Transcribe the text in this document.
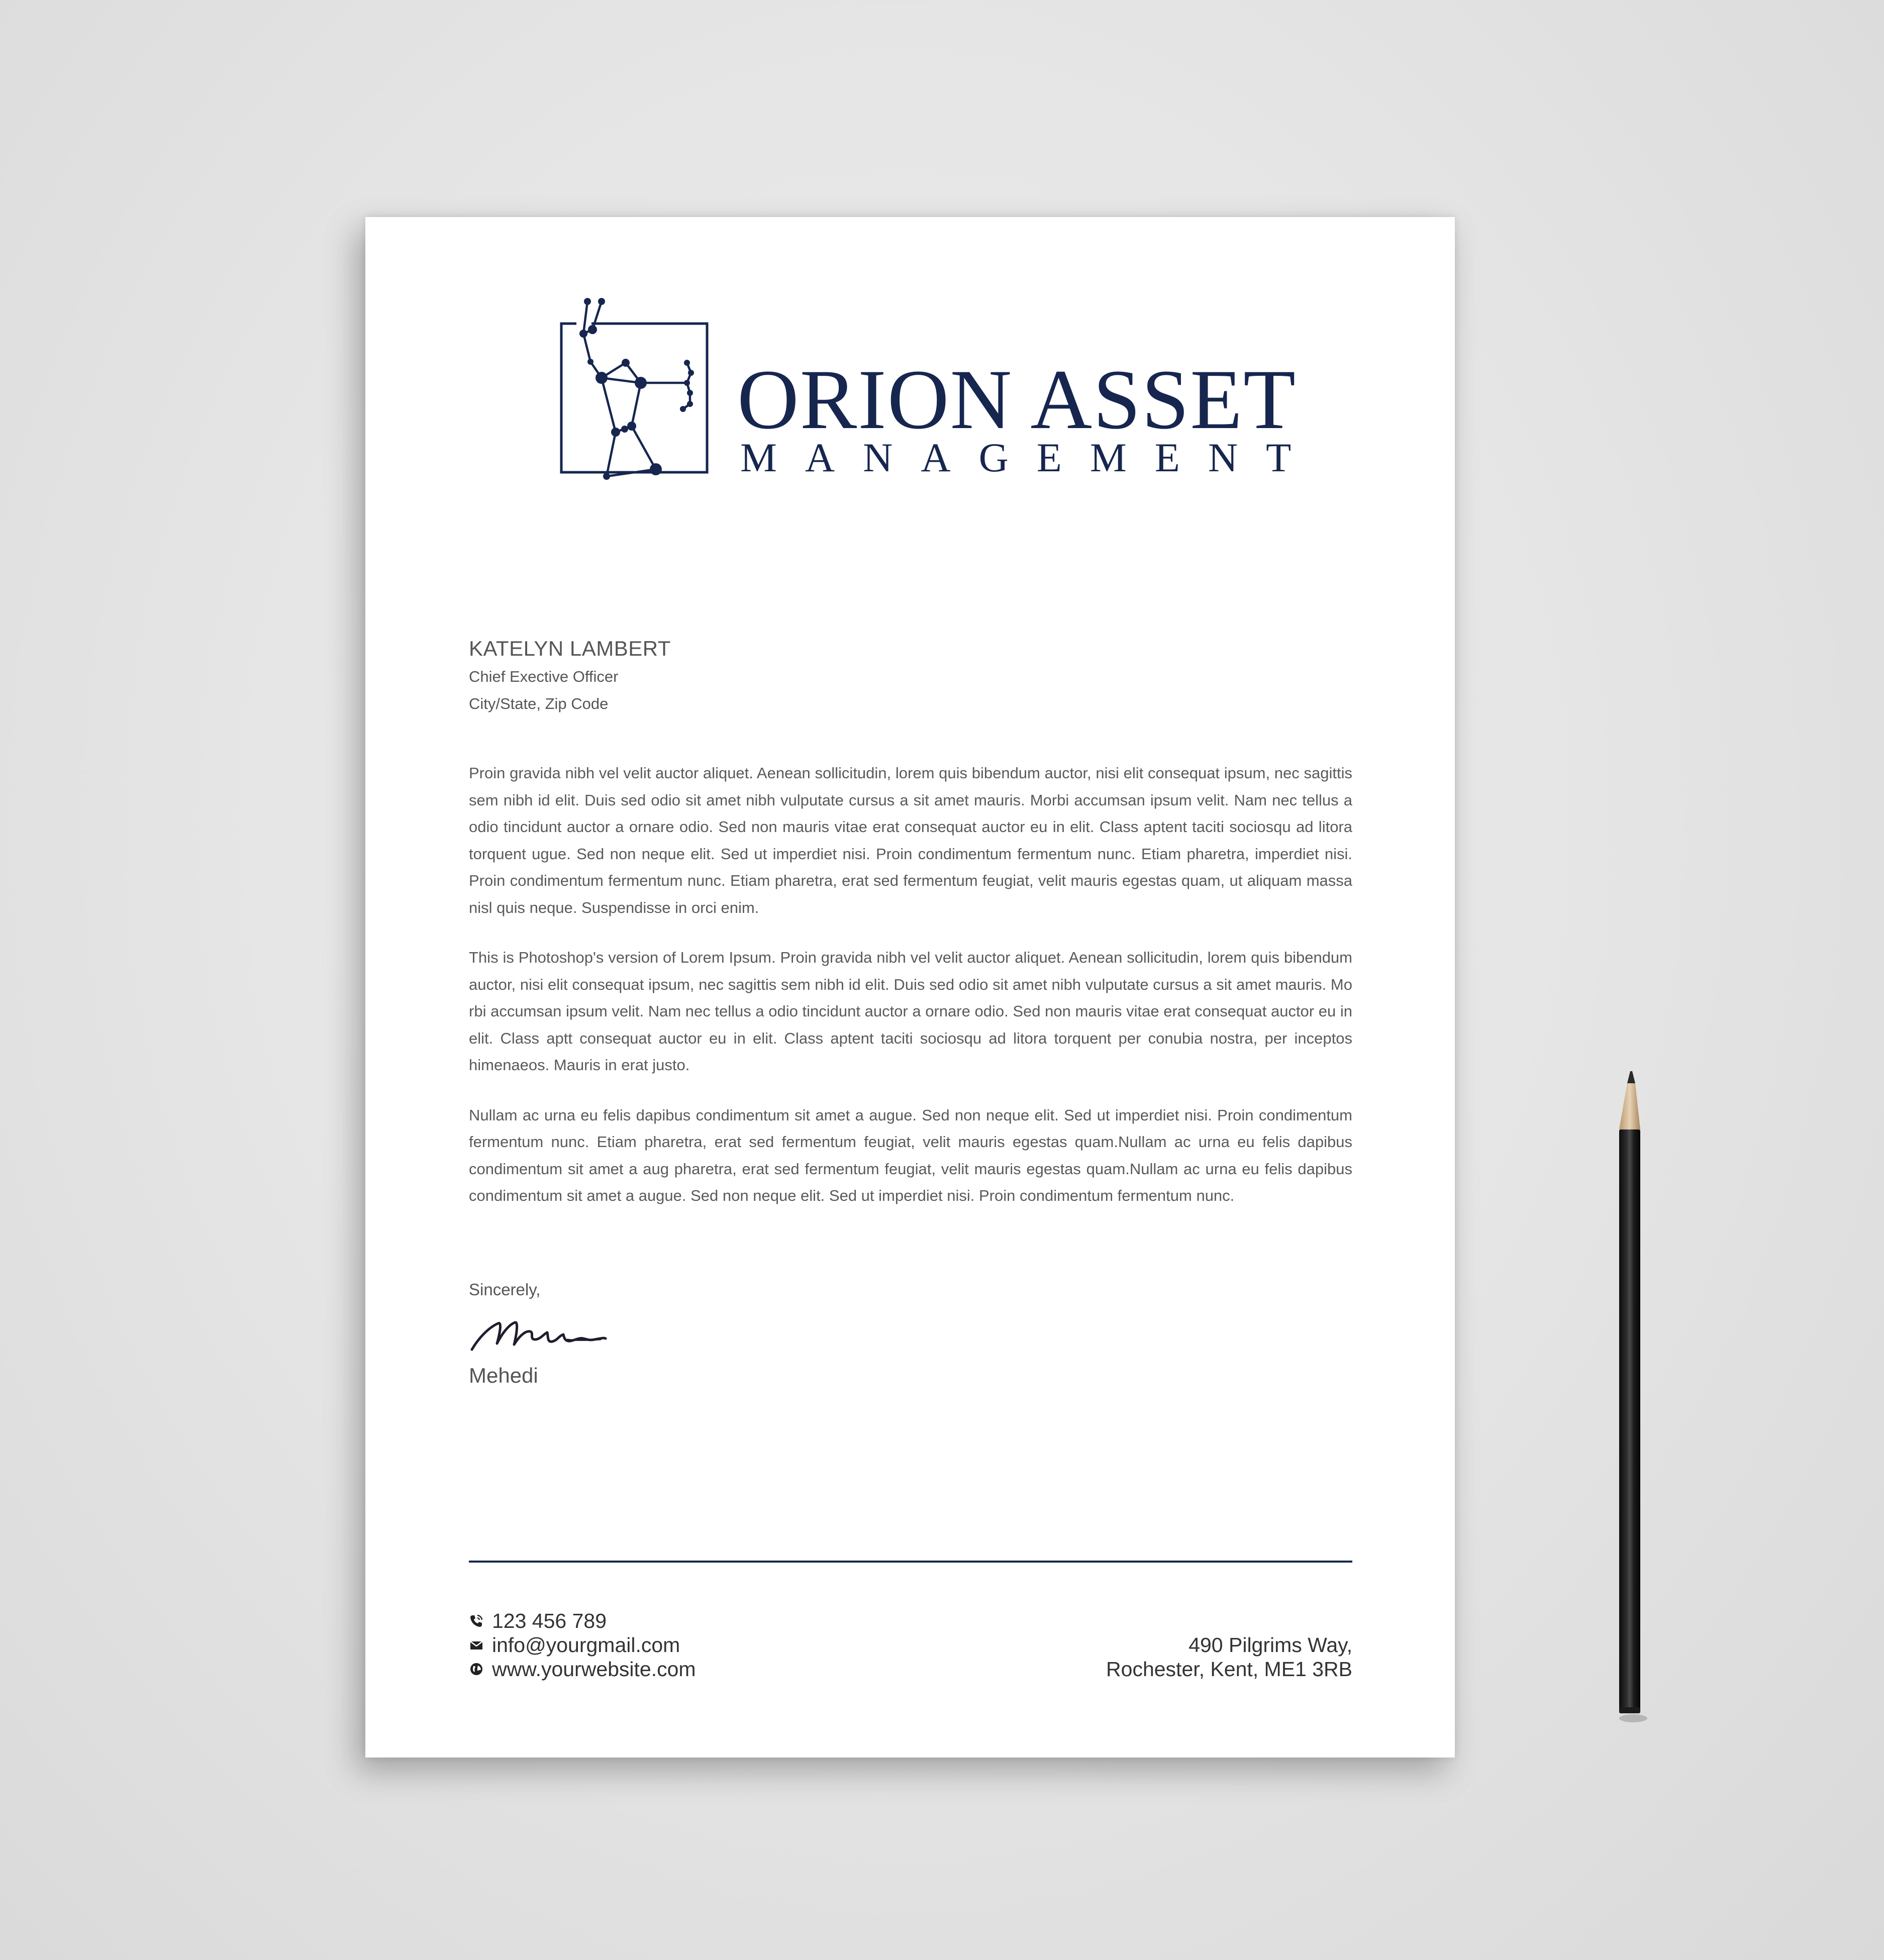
ORION ASSET
MANAGEMENT
KATELYN LAMBERT
Chief Exective Officer
City/State, Zip Code

Proin gravida nibh vel velit auctor aliquet. Aenean sollicitudin, lorem quis bibendum auctor, nisi elit consequat ipsum, nec sagittis sem nibh id elit. Duis sed odio sit amet nibh vulputate cursus a sit amet mauris. Morbi accumsan ipsum velit. Nam nec tellus a odio tincidunt auctor a ornare odio. Sed non mauris vitae erat consequat auctor eu in elit. Class aptent taciti sociosqu ad litora torquent ugue. Sed non neque elit. Sed ut imperdiet nisi. Proin condimentum fermentum nunc. Etiam pharetra, imperdiet nisi. Proin condimentum fermentum nunc. Etiam pharetra, erat sed fermentum feugiat, velit mauris egestas quam, ut aliquam massa nisl quis neque. Suspendisse in orci enim.

This is Photoshop's version of Lorem Ipsum. Proin gravida nibh vel velit auctor aliquet. Aenean sollicitudin, lorem quis bibendum auctor, nisi elit consequat ipsum, nec sagittis sem nibh id elit. Duis sed odio sit amet nibh vulputate cursus a sit amet mauris. Mo rbi accumsan ipsum velit. Nam nec tellus a odio tincidunt auctor a ornare odio. Sed non mauris vitae erat consequat auctor eu in elit. Class aptt consequat auctor eu in elit. Class aptent taciti sociosqu ad litora torquent per conubia nostra, per inceptos himenaeos. Mauris in erat justo.

Nullam ac urna eu felis dapibus condimentum sit amet a augue. Sed non neque elit. Sed ut imperdiet nisi. Proin condimentum fermentum nunc. Etiam pharetra, erat sed fermentum feugiat, velit mauris egestas quam.Nullam ac urna eu felis dapibus condimentum sit amet a aug pharetra, erat sed fermentum feugiat, velit mauris egestas quam.Nullam ac urna eu felis dapibus condimentum sit amet a augue. Sed non neque elit. Sed ut imperdiet nisi. Proin condimentum fermentum nunc.

Sincerely,
Mehedi
123 456 789
info@yourgmail.com
www.yourwebsite.com
490 Pilgrims Way,
Rochester, Kent, ME1 3RB
